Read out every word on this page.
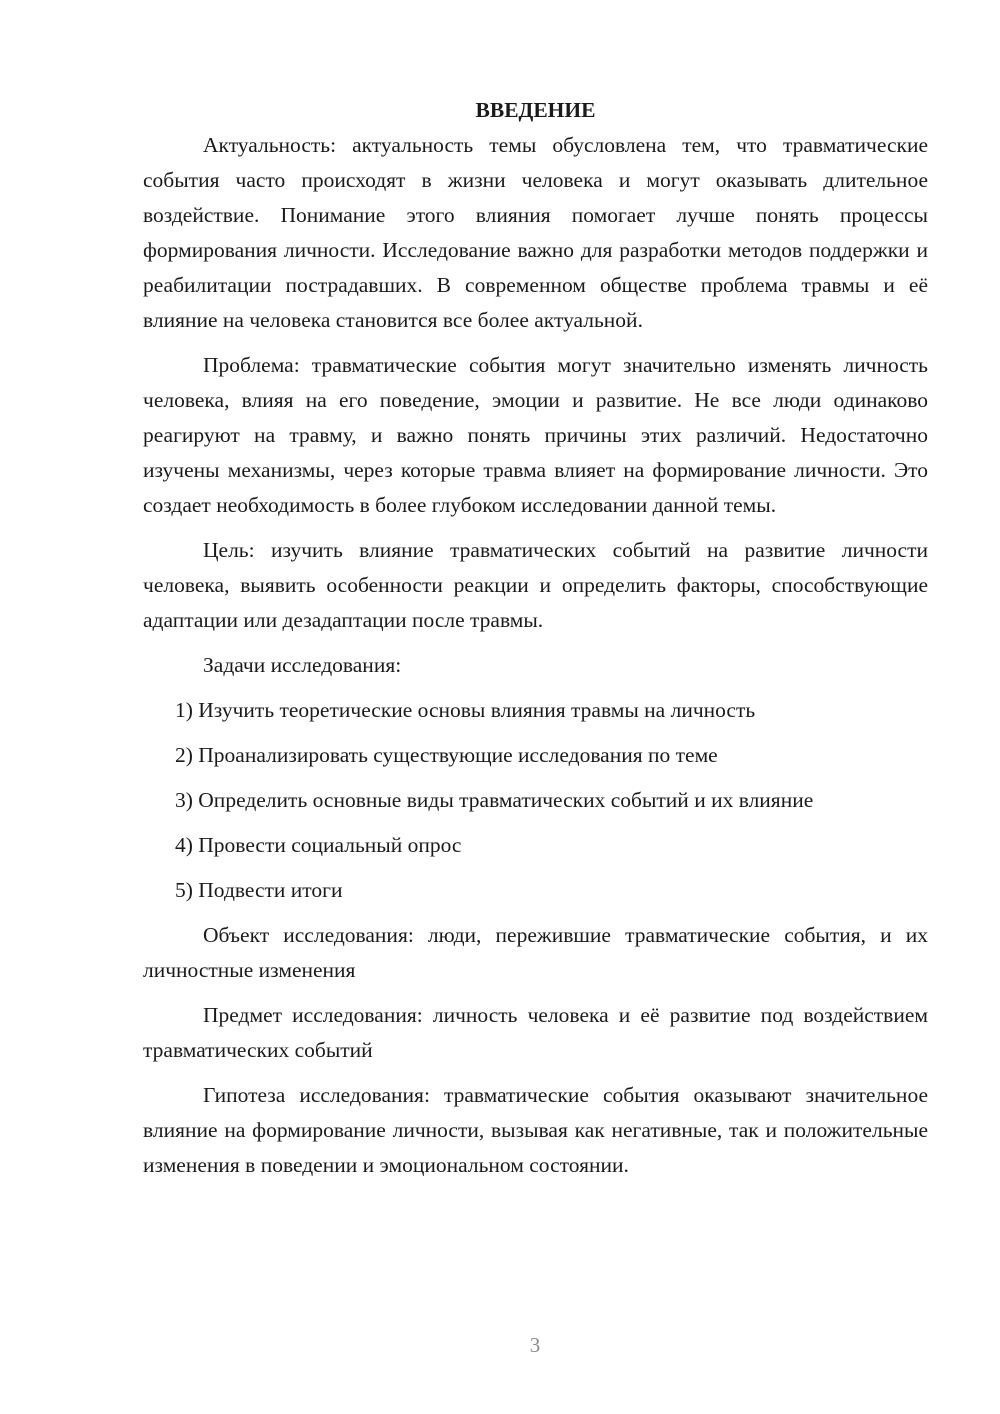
ВВЕДЕНИЕ

Актуальность: актуальность темы обусловлена тем, что травматические события часто происходят в жизни человека и могут оказывать длительное воздействие. Понимание этого влияния помогает лучше понять процессы формирования личности. Исследование важно для разработки методов поддержки и реабилитации пострадавших. В современном обществе проблема травмы и её влияние на человека становится все более актуальной.

Проблема: травматические события могут значительно изменять личность человека, влияя на его поведение, эмоции и развитие. Не все люди одинаково реагируют на травму, и важно понять причины этих различий. Недостаточно изучены механизмы, через которые травма влияет на формирование личности. Это создает необходимость в более глубоком исследовании данной темы.

Цель: изучить влияние травматических событий на развитие личности человека, выявить особенности реакции и определить факторы, способствующие адаптации или дезадаптации после травмы.

Задачи исследования:

1) Изучить теоретические основы влияния травмы на личность
2) Проанализировать существующие исследования по теме
3) Определить основные виды травматических событий и их влияние
4) Провести социальный опрос
5) Подвести итоги

Объект исследования: люди, пережившие травматические события, и их личностные изменения

Предмет исследования: личность человека и её развитие под воздействием травматических событий

Гипотеза исследования: травматические события оказывают значительное влияние на формирование личности, вызывая как негативные, так и положительные изменения в поведении и эмоциональном состоянии.

3
